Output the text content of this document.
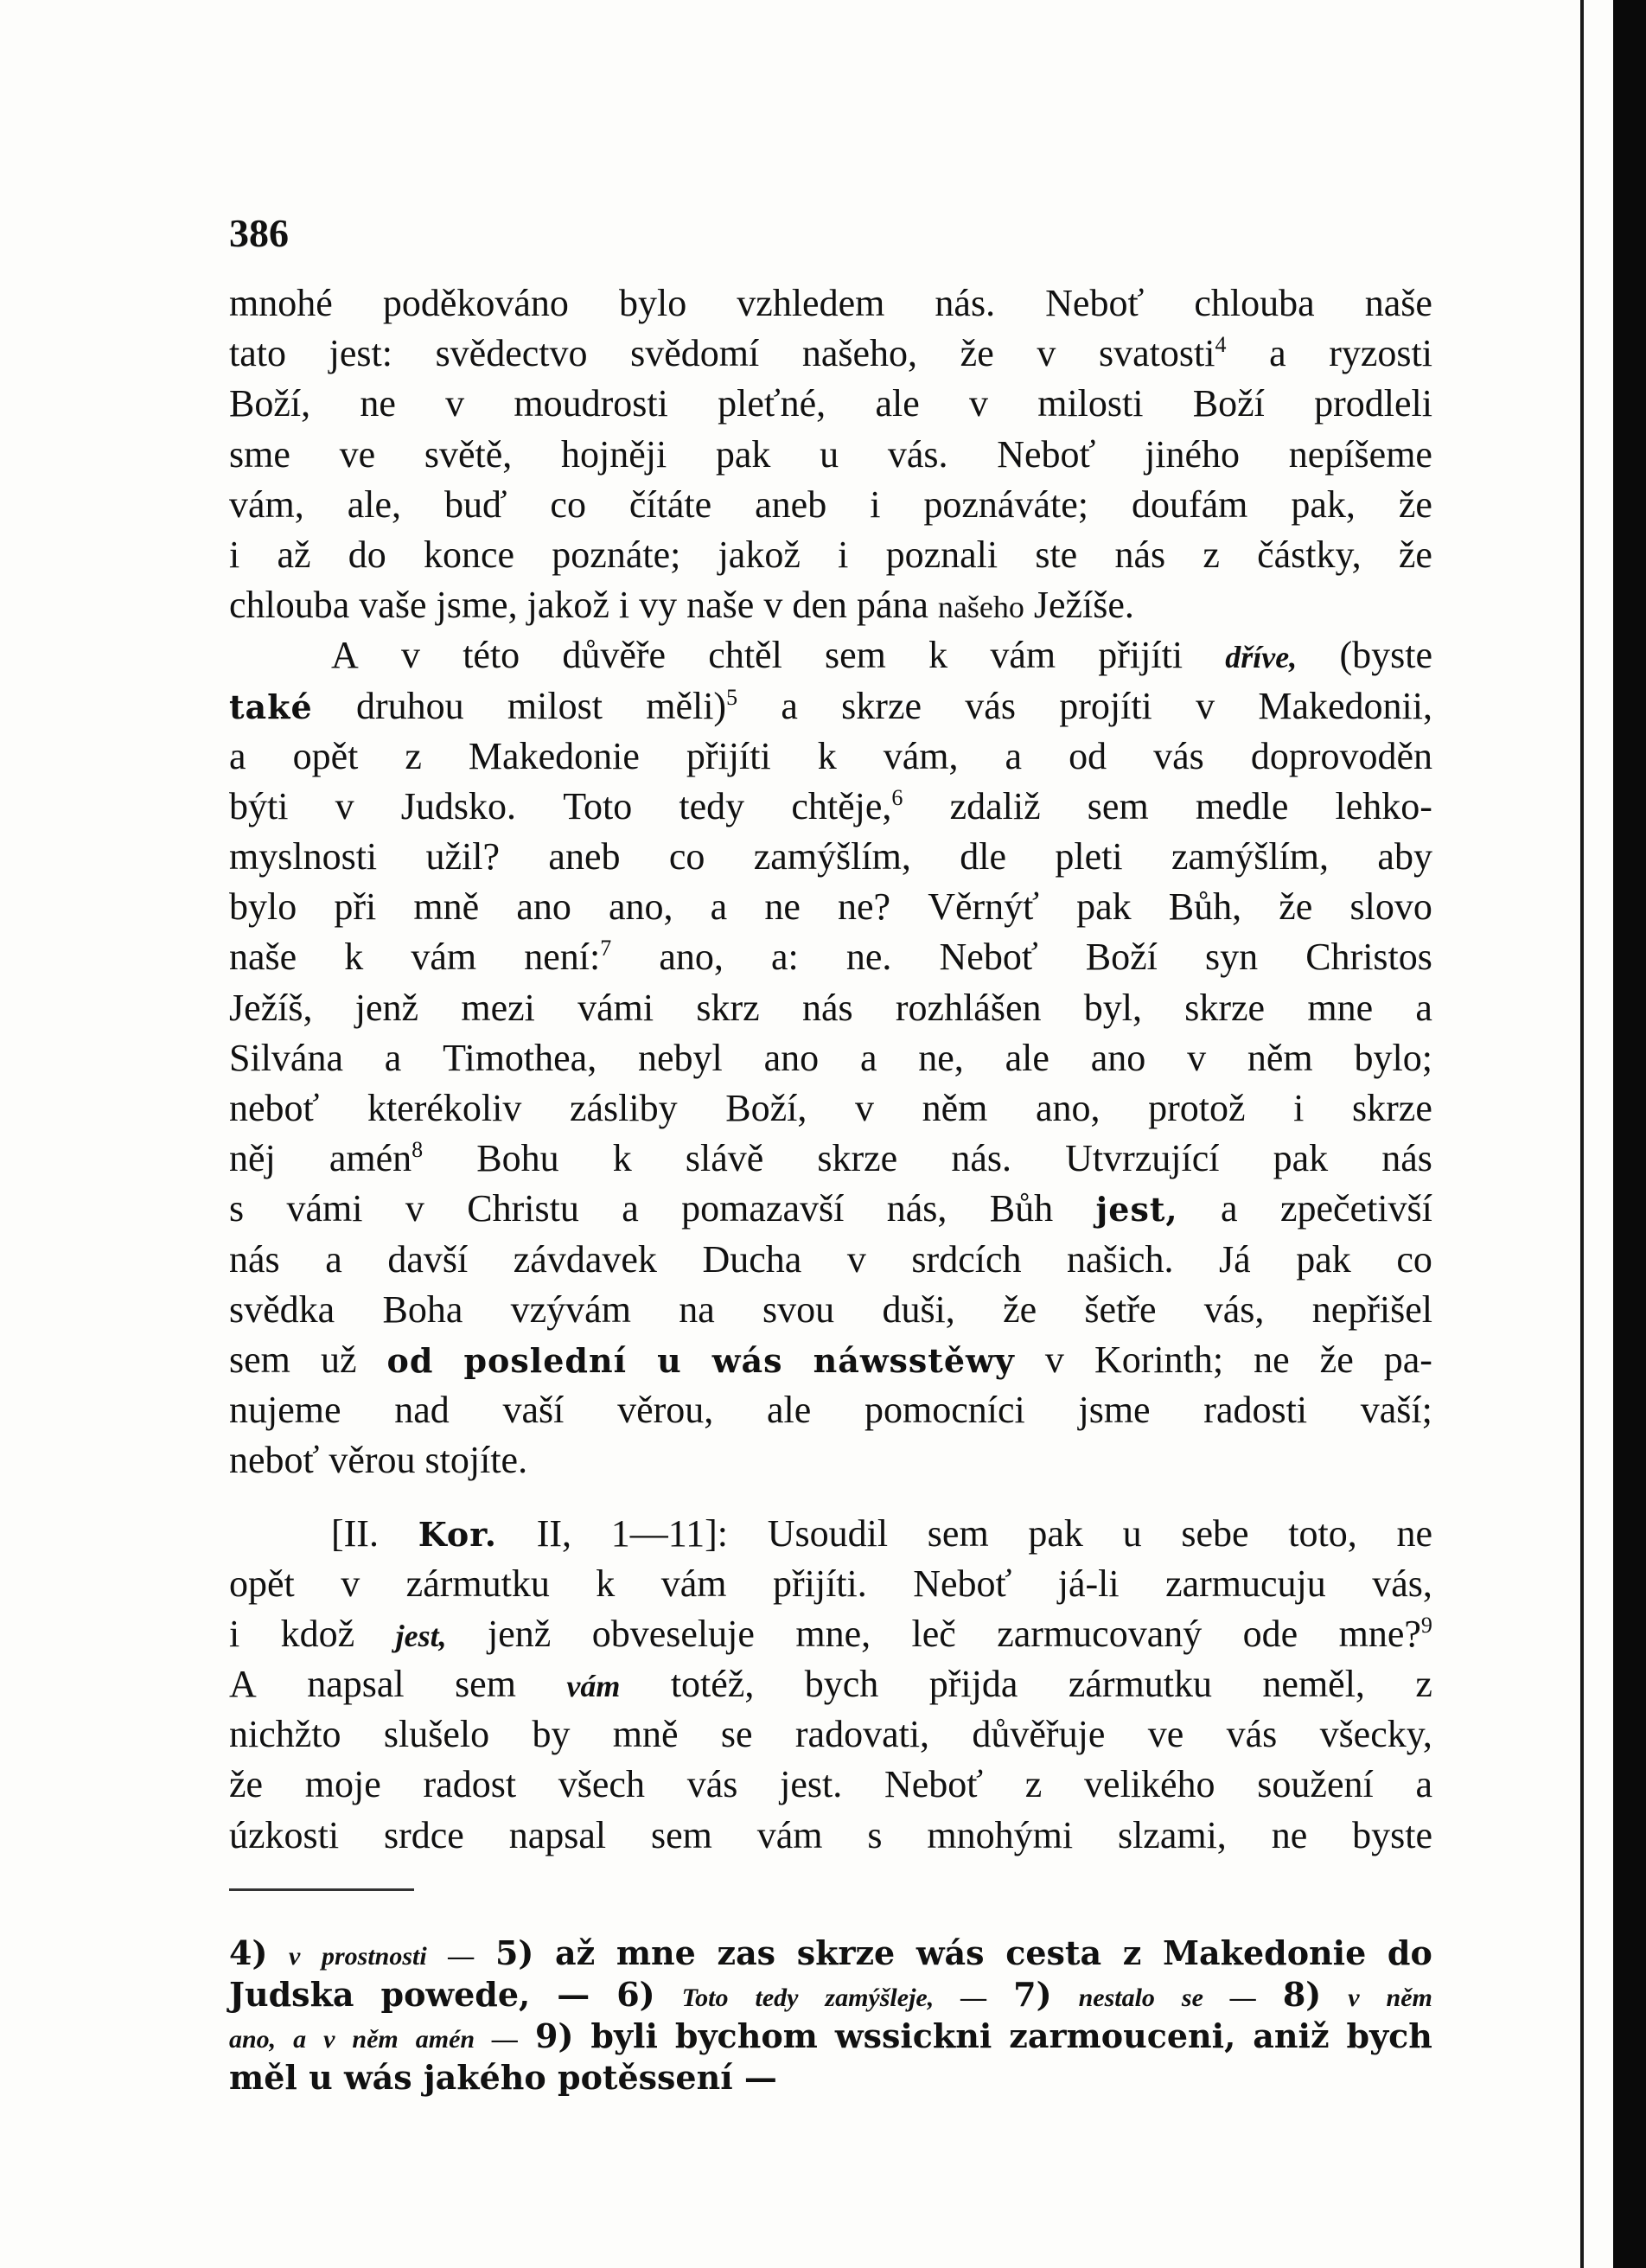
386
mnohé poděkováno bylo vzhledem nás. Neboť chlouba naše
tato jest: svědectvo svědomí našeho, že v svatosti$^4$ a ryzosti
Boží, ne v moudrosti pleťné, ale v milosti Boží prodleli
sme ve světě, hojněji pak u vás. Neboť jiného nepíšeme
vám, ale, buď co čítáte aneb i poznáváte; doufám pak, že
i až do konce poznáte; jakož i poznali ste nás z částky, že
chlouba
vaše
jsme,
jakož
i
vy
naše
v
den
pána
našeho
Ježíše.
A v této důvěře chtěl sem k vám přijíti dříve, (byste
také druhou milost měli)$^5$ a skrze vás projíti v Makedonii,
a opět z Makedonie přijíti k vám, a od vás doprovoděn
býti v Judsko. Toto tedy chtěje,$^6$ zdaliž sem medle lehko-
myslnosti užil? aneb co zamýšlím, dle pleti zamýšlím, aby
bylo při mně ano ano, a ne ne? Věrnýť pak Bůh, že slovo
naše k vám není:$^7$ ano, a: ne. Neboť Boží syn Christos
Ježíš, jenž mezi vámi skrz nás rozhlášen byl, skrze mne a
Silvána a Timothea, nebyl ano a ne, ale ano v něm bylo;
neboť kterékoliv zásliby Boží, v něm ano, protož i skrze
něj amén$^8$ Bohu k slávě skrze nás. Utvrzující pak nás
s vámi v Christu a pomazavší nás, Bůh jest, a zpečetivší
nás a davší závdavek Ducha v srdcích našich. Já pak co
svědka Boha vzývám na svou duši, že šetře vás, nepřišel
sem už od poslední u wás náwsstěwy v Korinth; ne že pa-
nujeme nad vaší věrou, ale pomocníci jsme radosti vaší;
neboť
věrou
stojíte.
[II. Kor. II, 1—11]: Usoudil sem pak u sebe toto, ne
opět v zármutku k vám přijíti. Neboť já-li zarmucuju vás,
i kdož jest, jenž obveseluje mne, leč zarmucovaný ode mne?$^9$
A napsal sem vám totéž, bych přijda zármutku neměl, z
nichžto slušelo by mně se radovati, důvěřuje ve vás všecky,
že moje radost všech vás jest. Neboť z velikého soužení a
úzkosti srdce napsal sem vám s mnohými slzami, ne byste
4) v prostnosti — 5) až mne zas skrze wás cesta z Makedonie do
Judska powede, — 6) Toto tedy zamýšleje, — 7) nestalo se — 8) v něm
ano, a v něm amén — 9) byli bychom wssickni zarmouceni, aniž bych
měl
u
wás
jakého
potěssení
—
